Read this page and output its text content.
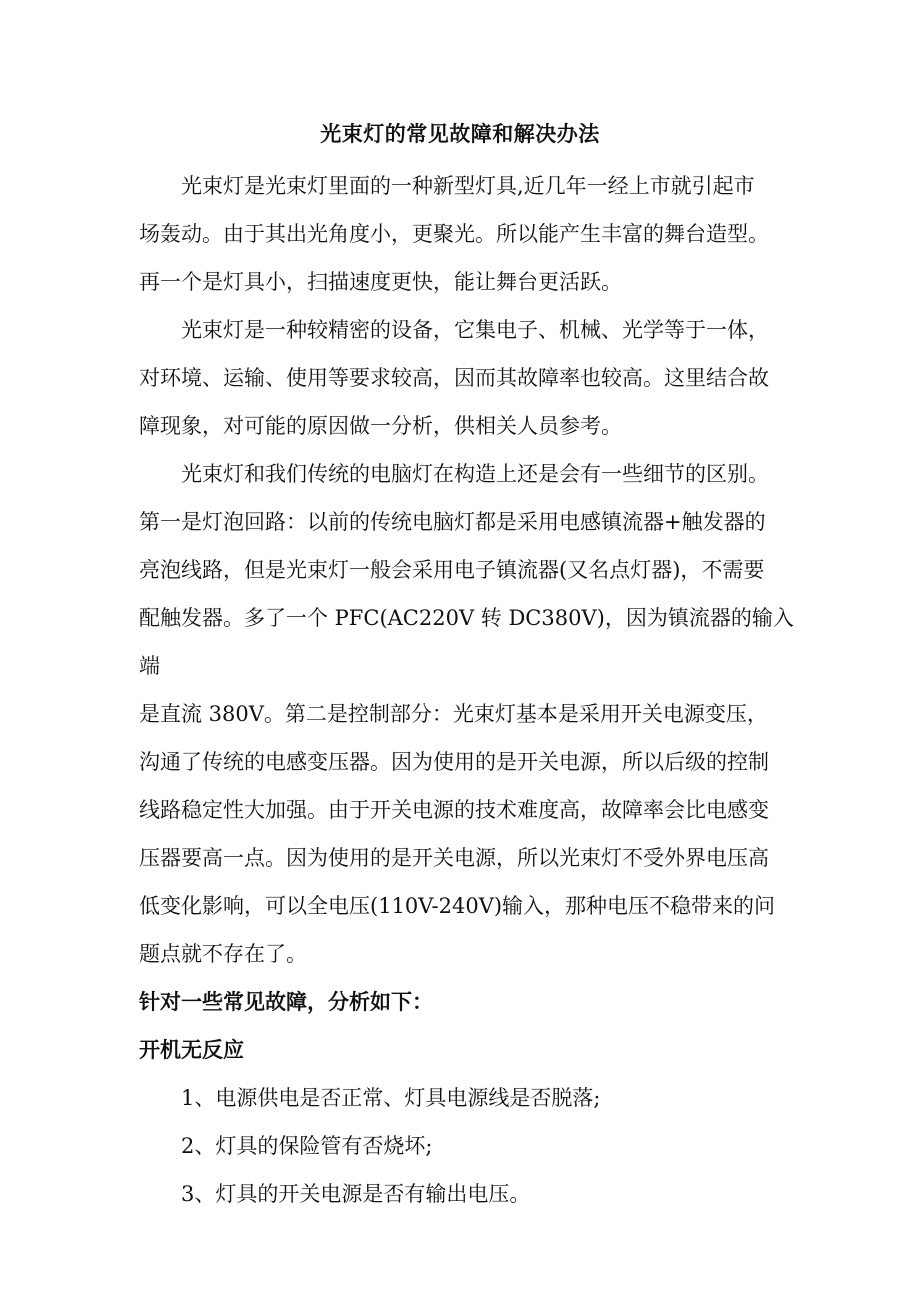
光束灯的常见故障和解决办法

光束灯是光束灯里面的一种新型灯具,近几年一经上市就引起市
场轰动。由于其出光角度小，更聚光。所以能产生丰富的舞台造型。
再一个是灯具小，扫描速度更快，能让舞台更活跃。

光束灯是一种较精密的设备，它集电子、机械、光学等于一体，
对环境、运输、使用等要求较高，因而其故障率也较高。这里结合故
障现象，对可能的原因做一分析，供相关人员参考。

光束灯和我们传统的电脑灯在构造上还是会有一些细节的区别。
第一是灯泡回路：以前的传统电脑灯都是采用电感镇流器+触发器的
亮泡线路，但是光束灯一般会采用电子镇流器(又名点灯器)，不需要
配触发器。多了一个 PFC(AC220V 转 DC380V)，因为镇流器的输入端
是直流 380V。第二是控制部分：光束灯基本是采用开关电源变压，
沟通了传统的电感变压器。因为使用的是开关电源，所以后级的控制
线路稳定性大加强。由于开关电源的技术难度高，故障率会比电感变
压器要高一点。因为使用的是开关电源，所以光束灯不受外界电压高
低变化影响，可以全电压(110V-240V)输入，那种电压不稳带来的问
题点就不存在了。

针对一些常见故障，分析如下：

开机无反应

1、电源供电是否正常、灯具电源线是否脱落;

2、灯具的保险管有否烧坏;

3、灯具的开关电源是否有输出电压。
